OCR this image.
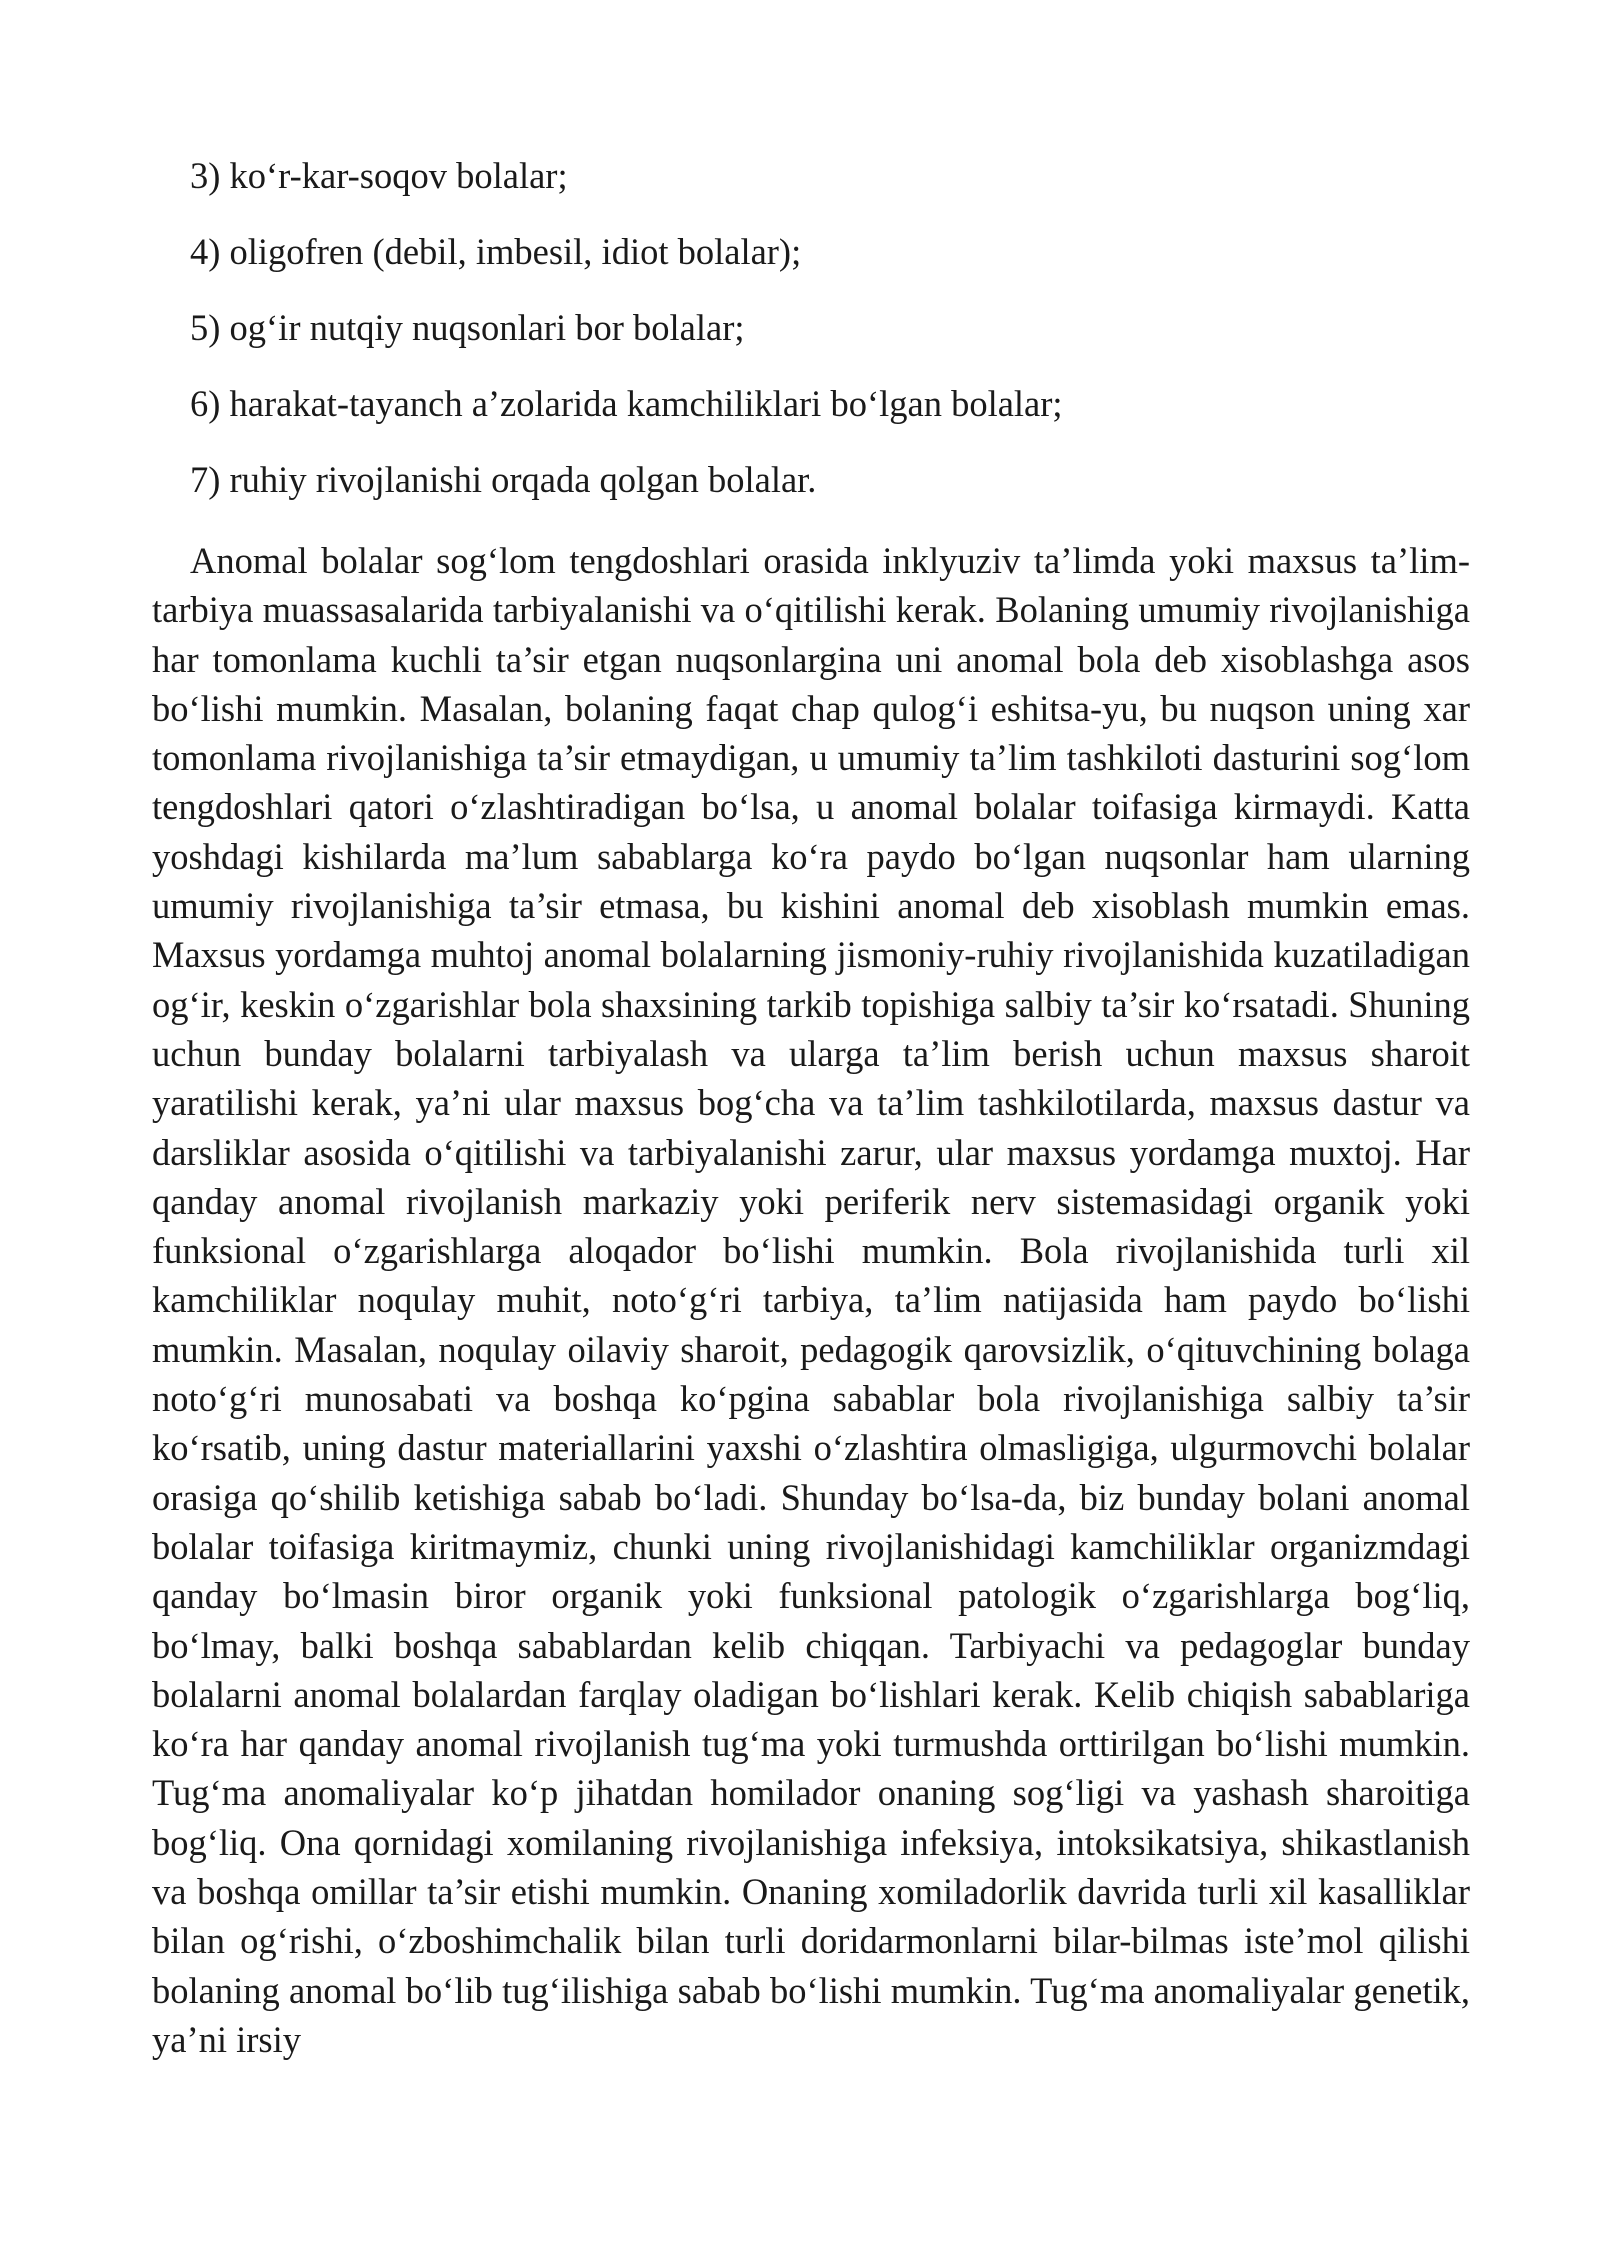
3) ko‘r-kar-soqov bolalar;

4) oligofren (debil, imbesil, idiot bolalar);

5) og‘ir nutqiy nuqsonlari bor bolalar;

6) harakat-tayanch a’zolarida kamchiliklari bo‘lgan bolalar;

7) ruhiy rivojlanishi orqada qolgan bolalar.

Anomal bolalar sog‘lom tengdoshlari orasida inklyuziv ta’limda yoki maxsus ta’lim-tarbiya muassasalarida tarbiyalanishi va o‘qitilishi kerak. Bolaning umumiy rivojlanishiga har tomonlama kuchli ta’sir etgan nuqsonlargina uni anomal bola deb xisoblashga asos bo‘lishi mumkin. Masalan, bolaning faqat chap qulog‘i eshitsa-yu, bu nuqson uning xar tomonlama rivojlanishiga ta’sir etmaydigan, u umumiy ta’lim tashkiloti dasturini sog‘lom tengdoshlari qatori o‘zlashtiradigan bo‘lsa, u anomal bolalar toifasiga kirmaydi. Katta yoshdagi kishilarda ma’lum sabablarga ko‘ra paydo bo‘lgan nuqsonlar ham ularning umumiy rivojlanishiga ta’sir etmasa, bu kishini anomal deb xisoblash mumkin emas. Maxsus yordamga muhtoj anomal bolalarning jismoniy-ruhiy rivojlanishida kuzatiladigan og‘ir, keskin o‘zgarishlar bola shaxsining tarkib topishiga salbiy ta’sir ko‘rsatadi. Shuning uchun bunday bolalarni tarbiyalash va ularga ta’lim berish uchun maxsus sharoit yaratilishi kerak, ya’ni ular maxsus bog‘cha va ta’lim tashkilotilarda, maxsus dastur va darsliklar asosida o‘qitilishi va tarbiyalanishi zarur, ular maxsus yordamga muxtoj. Har qanday anomal rivojlanish markaziy yoki periferik nerv sistemasidagi organik yoki funksional o‘zgarishlarga aloqador bo‘lishi mumkin. Bola rivojlanishida turli xil kamchiliklar noqulay muhit, noto‘g‘ri tarbiya, ta’lim natijasida ham paydo bo‘lishi mumkin. Masalan, noqulay oilaviy sharoit, pedagogik qarovsizlik, o‘qituvchining bolaga noto‘g‘ri munosabati va boshqa ko‘pgina sabablar bola rivojlanishiga salbiy ta’sir ko‘rsatib, uning dastur materiallarini yaxshi o‘zlashtira olmasligiga, ulgurmovchi bolalar orasiga qo‘shilib ketishiga sabab bo‘ladi. Shunday bo‘lsa-da, biz bunday bolani anomal bolalar toifasiga kiritmaymiz, chunki uning rivojlanishidagi kamchiliklar organizmdagi qanday bo‘lmasin biror organik yoki funksional patologik o‘zgarishlarga bog‘liq, bo‘lmay, balki boshqa sabablardan kelib chiqqan. Tarbiyachi va pedagoglar bunday bolalarni anomal bolalardan farqlay oladigan bo‘lishlari kerak. Kelib chiqish sabablariga ko‘ra har qanday anomal rivojlanish tug‘ma yoki turmushda orttirilgan bo‘lishi mumkin. Tug‘ma anomaliyalar ko‘p jihatdan homilador onaning sog‘ligi va yashash sharoitiga bog‘liq. Ona qornidagi xomilaning rivojlanishiga infeksiya, intoksikatsiya, shikastlanish va boshqa omillar ta’sir etishi mumkin. Onaning xomiladorlik davrida turli xil kasalliklar bilan og‘rishi, o‘zboshimchalik bilan turli doridarmonlarni bilar-bilmas iste’mol qilishi bolaning anomal bo‘lib tug‘ilishiga sabab bo‘lishi mumkin. Tug‘ma anomaliyalar genetik, ya’ni irsiy
